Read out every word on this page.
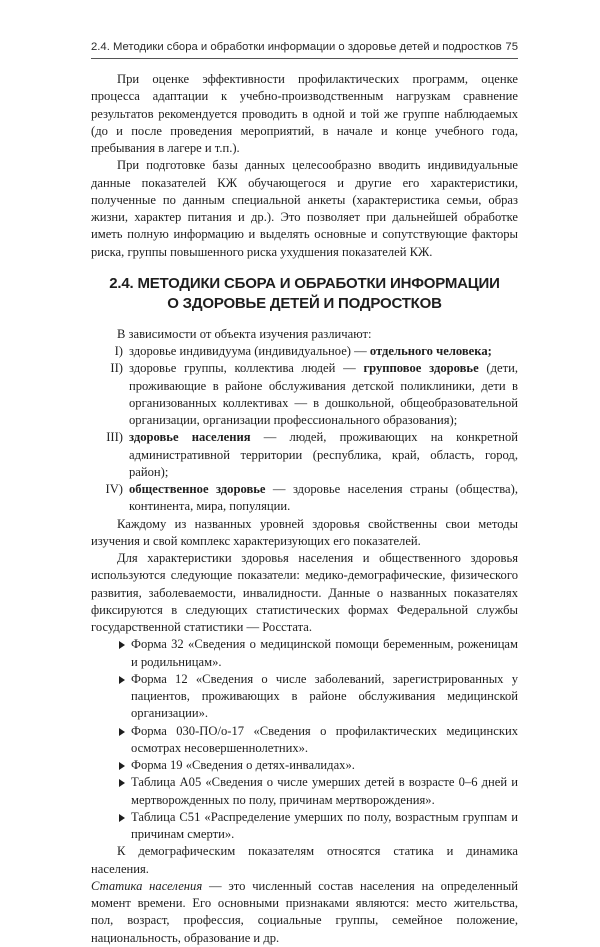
2.4. Методики сбора и обработки информации о здоровье детей и подростков 75

При оценке эффективности профилактических программ, оценке процесса адаптации к учебно-производственным нагрузкам сравнение результатов рекомендуется проводить в одной и той же группе наблюдаемых (до и после проведения мероприятий, в начале и конце учебного года, пребывания в лагере и т.п.).

При подготовке базы данных целесообразно вводить индивидуальные данные показателей КЖ обучающегося и другие его характеристики, полученные по данным специальной анкеты (характеристика семьи, образ жизни, характер питания и др.). Это позволяет при дальнейшей обработке иметь полную информацию и выделять основные и сопутствующие факторы риска, группы повышенного риска ухудшения показателей КЖ.

2.4. МЕТОДИКИ СБОРА И ОБРАБОТКИ ИНФОРМАЦИИ
О ЗДОРОВЬЕ ДЕТЕЙ И ПОДРОСТКОВ

В зависимости от объекта изучения различают:

I) здоровье индивидуума (индивидуальное) — отдельного человека;
II) здоровье группы, коллектива людей — групповое здоровье (дети, проживающие в районе обслуживания детской поликлиники, дети в организованных коллективах — в дошкольной, общеобразовательной организации, организации профессионального образования);
III) здоровье населения — людей, проживающих на конкретной административной территории (республика, край, область, город, район);
IV) общественное здоровье — здоровье населения страны (общества), континента, мира, популяции.

Каждому из названных уровней здоровья свойственны свои методы изучения и свой комплекс характеризующих его показателей.

Для характеристики здоровья населения и общественного здоровья используются следующие показатели: медико-демографические, физического развития, заболеваемости, инвалидности. Данные о названных показателях фиксируются в следующих статистических формах Федеральной службы государственной статистики — Росстата.

Форма 32 «Сведения о медицинской помощи беременным, роженицам и родильницам».
Форма 12 «Сведения о числе заболеваний, зарегистрированных у пациентов, проживающих в районе обслуживания медицинской организации».
Форма 030-ПО/о-17 «Сведения о профилактических медицинских осмотрах несовершеннолетних».
Форма 19 «Сведения о детях-инвалидах».
Таблица А05 «Сведения о числе умерших детей в возрасте 0–6 дней и мертворожденных по полу, причинам мертворождения».
Таблица С51 «Распределение умерших по полу, возрастным группам и причинам смерти».

К демографическим показателям относятся статика и динамика населения.

Статика населения — это численный состав населения на определенный момент времени. Его основными признаками являются: место жительства, пол, возраст, профессия, социальные группы, семейное положение, национальность, образование и др.
